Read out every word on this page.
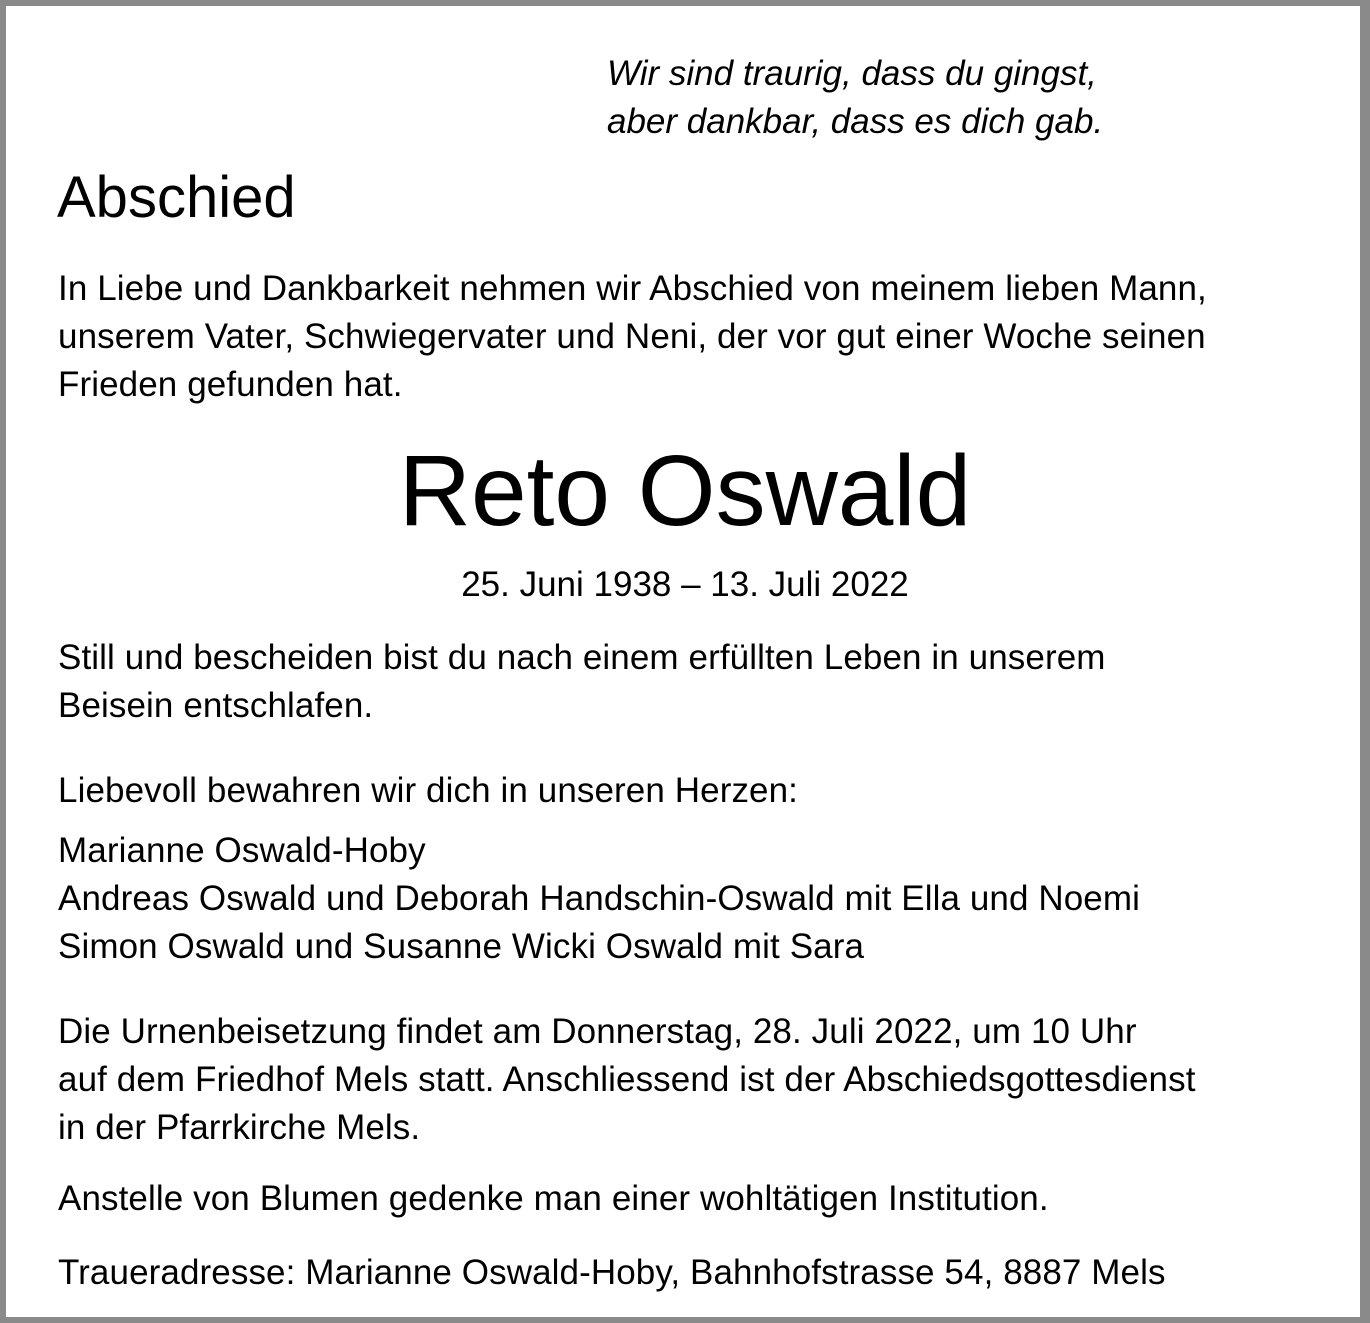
Wir sind traurig, dass du gingst,
aber dankbar, dass es dich gab.
Abschied
In Liebe und Dankbarkeit nehmen wir Abschied von meinem lieben Mann,
unserem Vater, Schwiegervater und Neni, der vor gut einer Woche seinen
Frieden gefunden hat.
Reto Oswald
25. Juni 1938 – 13. Juli 2022
Still und bescheiden bist du nach einem erfüllten Leben in unserem
Beisein entschlafen.
Liebevoll bewahren wir dich in unseren Herzen:
Marianne Oswald-Hoby
Andreas Oswald und Deborah Handschin-Oswald mit Ella und Noemi
Simon Oswald und Susanne Wicki Oswald mit Sara
Die Urnenbeisetzung findet am Donnerstag, 28. Juli 2022, um 10 Uhr
auf dem Friedhof Mels statt. Anschliessend ist der Abschiedsgottesdienst
in der Pfarrkirche Mels.
Anstelle von Blumen gedenke man einer wohltätigen Institution.
Traueradresse: Marianne Oswald-Hoby, Bahnhofstrasse 54, 8887 Mels
